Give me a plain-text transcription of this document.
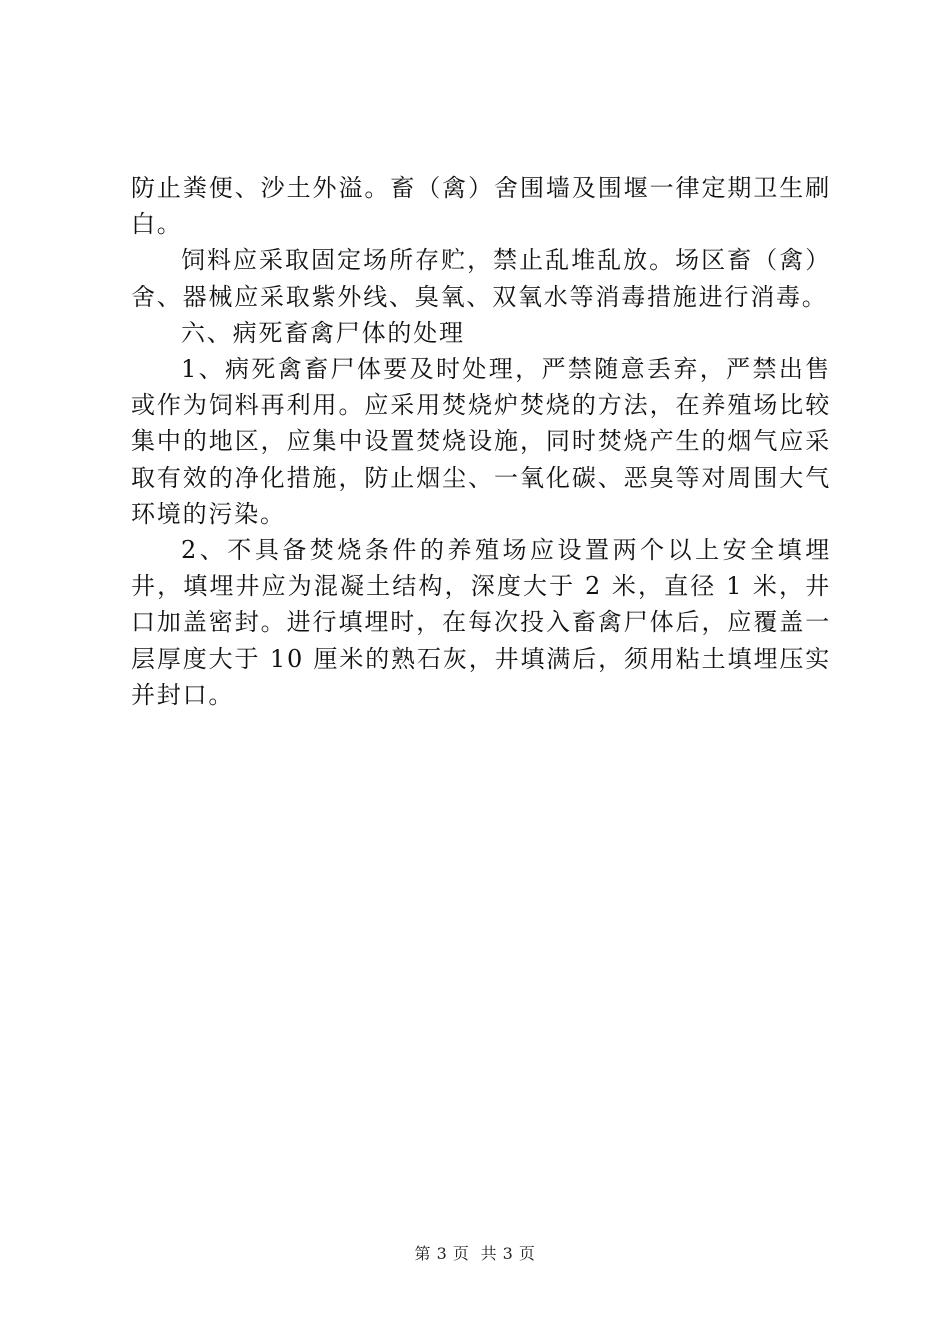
防止粪便、沙土外溢。畜（禽）舍围墙及围堰一律定期卫生刷白。

饲料应采取固定场所存贮，禁止乱堆乱放。场区畜（禽）舍、器械应采取紫外线、臭氧、双氧水等消毒措施进行消毒。

六、病死畜禽尸体的处理

1、病死禽畜尸体要及时处理，严禁随意丢弃，严禁出售或作为饲料再利用。应采用焚烧炉焚烧的方法，在养殖场比较集中的地区，应集中设置焚烧设施，同时焚烧产生的烟气应采取有效的净化措施，防止烟尘、一氧化碳、恶臭等对周围大气环境的污染。

2、不具备焚烧条件的养殖场应设置两个以上安全填埋井，填埋井应为混凝土结构，深度大于 2 米，直径 1 米，井口加盖密封。进行填埋时，在每次投入畜禽尸体后，应覆盖一层厚度大于 10 厘米的熟石灰，井填满后，须用粘土填埋压实并封口。

第 3 页  共 3 页
